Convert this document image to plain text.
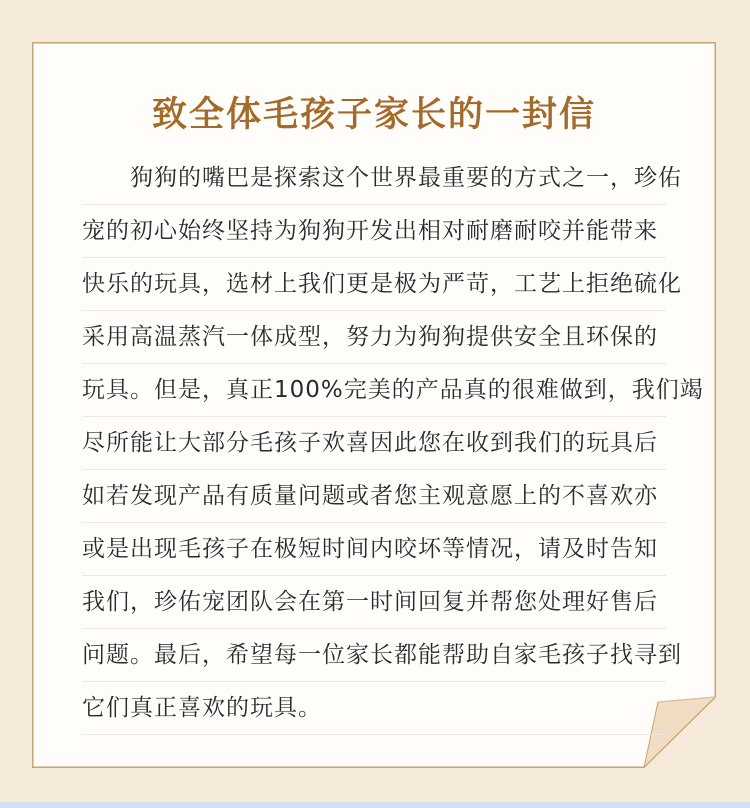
致全体毛孩子家长的一封信
狗狗的嘴巴是探索这个世界最重要的方式之一，珍佑
宠的初心始终坚持为狗狗开发出相对耐磨耐咬并能带来
快乐的玩具，选材上我们更是极为严苛，工艺上拒绝硫化
采用高温蒸汽一体成型，努力为狗狗提供安全且环保的
玩具。但是，真正100%完美的产品真的很难做到，我们竭
尽所能让大部分毛孩子欢喜因此您在收到我们的玩具后
如若发现产品有质量问题或者您主观意愿上的不喜欢亦
或是出现毛孩子在极短时间内咬坏等情况，请及时告知
我们，珍佑宠团队会在第一时间回复并帮您处理好售后
问题。最后，希望每一位家长都能帮助自家毛孩子找寻到
它们真正喜欢的玩具。
